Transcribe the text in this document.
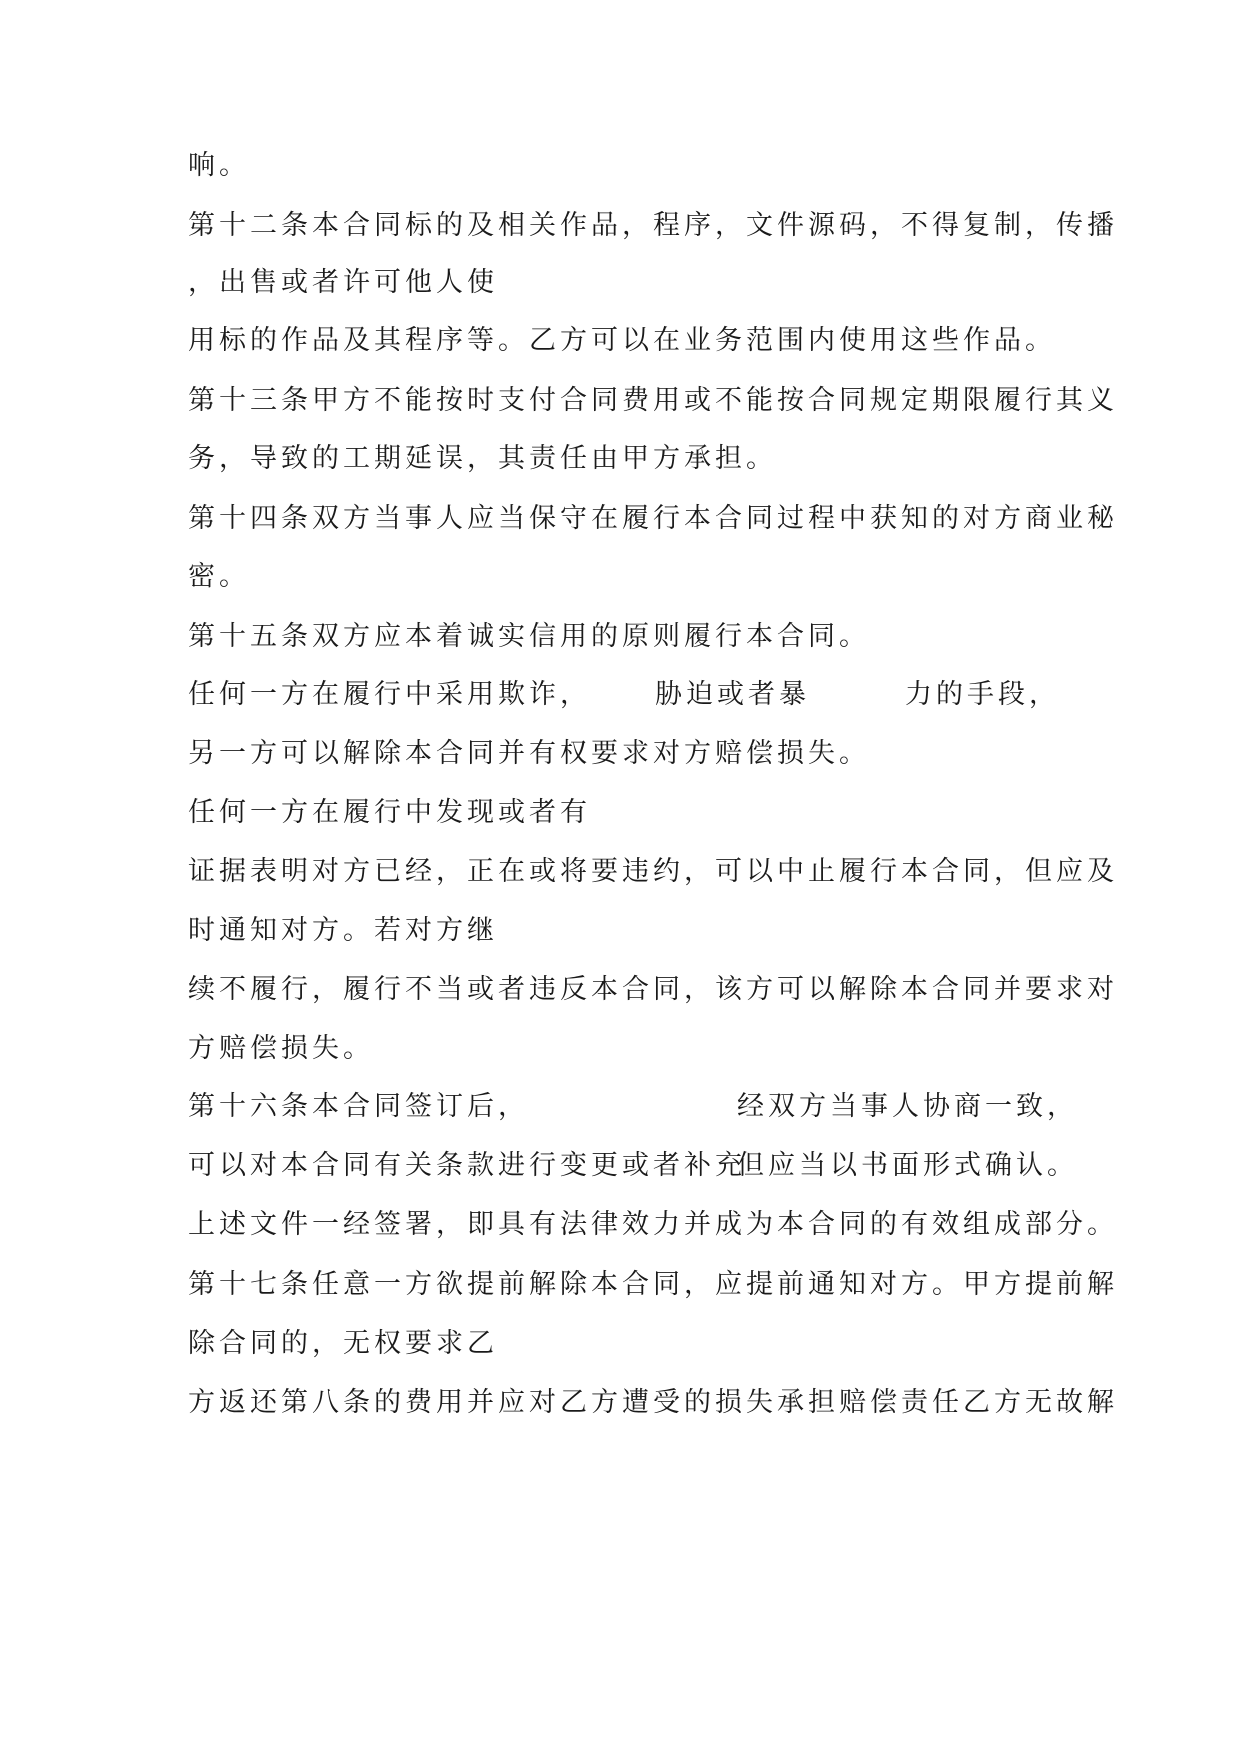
响。
第十二条本合同标的及相关作品，程序，文件源码，不得复制，传播
，出售或者许可他人使
用标的作品及其程序等。乙方可以在业务范围内使用这些作品。
第十三条甲方不能按时支付合同费用或不能按合同规定期限履行其义
务，导致的工期延误，其责任由甲方承担。
第十四条双方当事人应当保守在履行本合同过程中获知的对方商业秘
密。
第十五条双方应本着诚实信用的原则履行本合同。
任何一方在履行中采用欺诈， 胁迫或者暴	力的手段，
另一方可以解除本合同并有权要求对方赔偿损失。
任何一方在履行中发现或者有
证据表明对方已经，正在或将要违约，可以中止履行本合同，但应及
时通知对方。若对方继
续不履行，履行不当或者违反本合同，该方可以解除本合同并要求对
方赔偿损失。
第十六条本合同签订后，	经双方当事人协商一致，
可以对本合同有关条款进行变更或者补充
但应当以书面形式确认。
上述文件一经签署，即具有法律效力并成为本合同的有效组成部分。
第十七条任意一方欲提前解除本合同，应提前通知对方。甲方提前解
除合同的，无权要求乙
方返还第八条的费用并应对乙方遭受的损失承担赔偿责任乙方无故解
